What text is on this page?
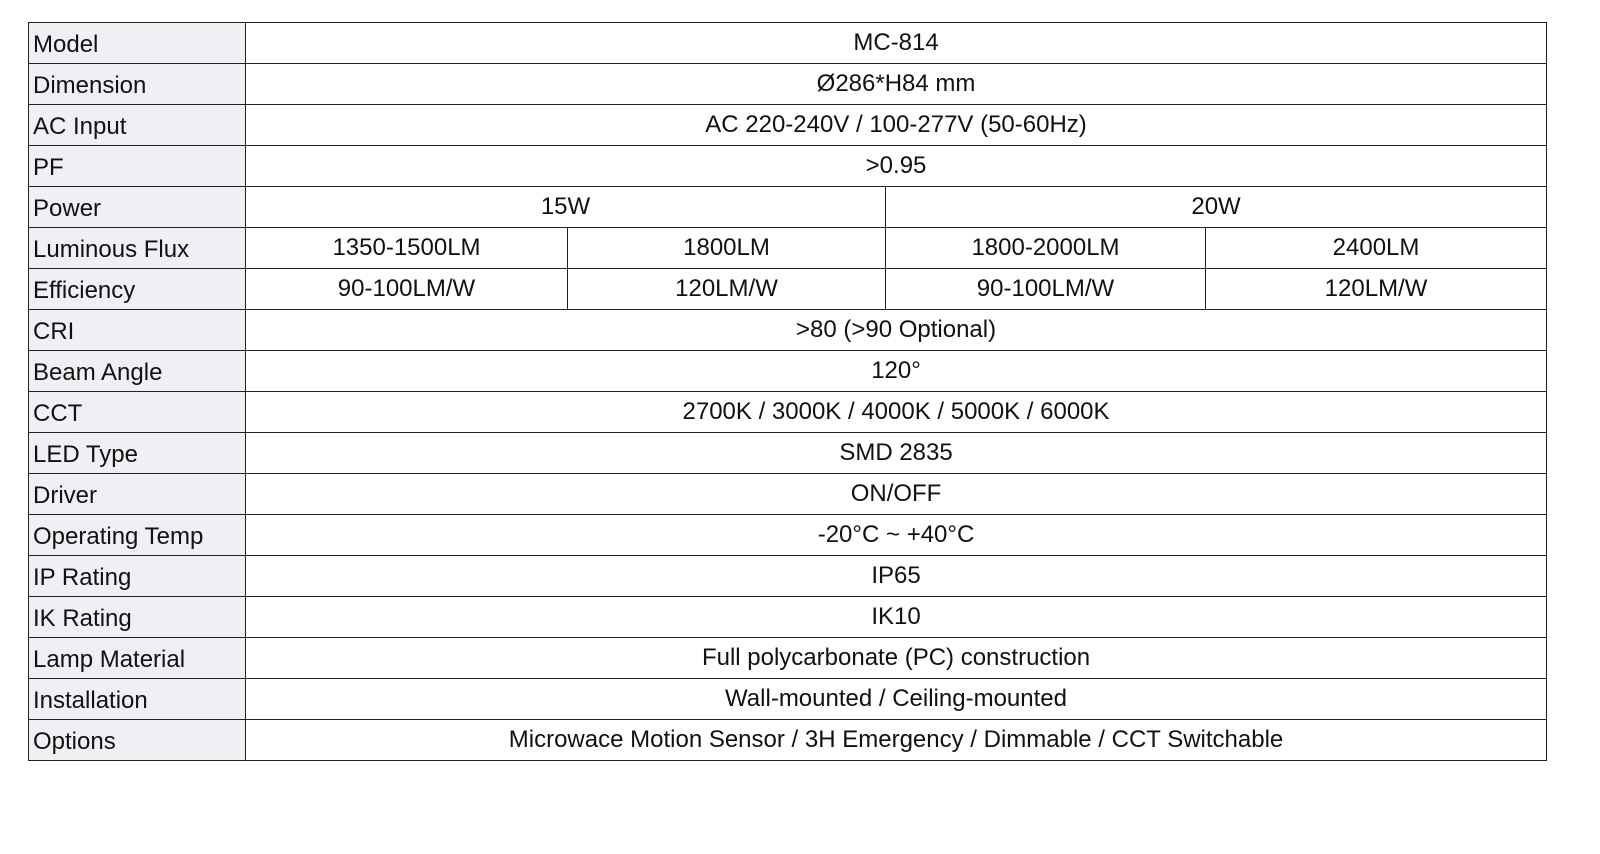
Model	MC-814			
Dimension	Ø286*H84 mm			
AC Input	AC 220-240V / 100-277V (50-60Hz)			
PF	>0.95			
Power	15W		20W	
Luminous Flux	1350-1500LM	1800LM	1800-2000LM	2400LM
Efficiency	90-100LM/W	120LM/W	90-100LM/W	120LM/W
CRI	>80 (>90 Optional)			
Beam Angle	120°			
CCT	2700K / 3000K / 4000K / 5000K / 6000K			
LED Type	SMD 2835			
Driver	ON/OFF			
Operating Temp	-20°C ~ +40°C			
IP Rating	IP65			
IK Rating	IK10			
Lamp Material	Full polycarbonate (PC) construction			
Installation	Wall-mounted / Ceiling-mounted			
Options	Microwace Motion Sensor / 3H Emergency / Dimmable / CCT Switchable			
